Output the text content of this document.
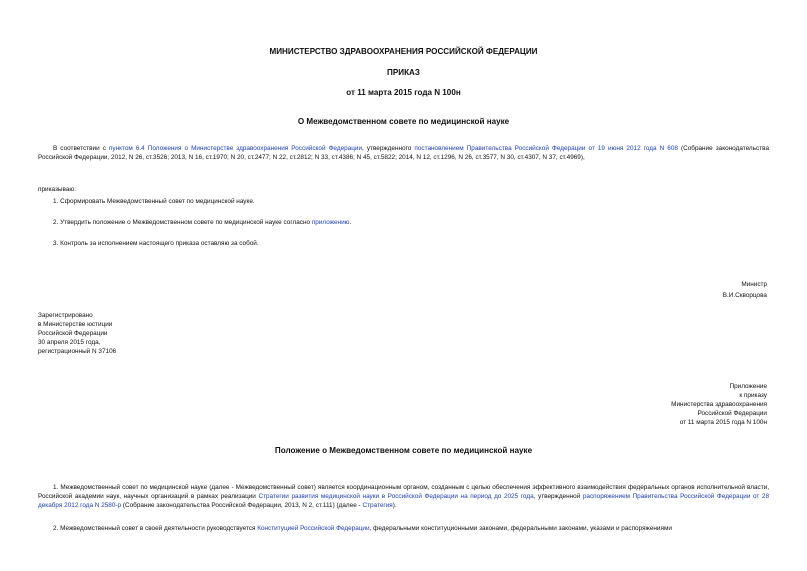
МИНИСТЕРСТВО ЗДРАВООХРАНЕНИЯ РОССИЙСКОЙ ФЕДЕРАЦИИ
ПРИКАЗ
от 11 марта 2015 года N 100н
О Межведомственном совете по медицинской науке

В соответствии с пунктом 6.4 Положения о Министерстве здравоохранения Российской Федерации, утвержденного постановлением Правительства Российской Федерации от 19 июня 2012 года N 608 (Собрание законодательства Российской Федерации, 2012, N 26, ст.3526; 2013, N 16, ст.1970; N 20, ст.2477; N 22, ст.2812; N 33, ст.4386; N 45, ст.5822; 2014, N 12, ст.1296, N 26, ст.3577, N 30, ст.4307, N 37, ст.4969),

приказываю:
1. Сформировать Межведомственный совет по медицинской науке.
2. Утвердить положение о Межведомственном совете по медицинской науке согласно приложению.
3. Контроль за исполнением настоящего приказа оставляю за собой.
Министр
В.И.Скворцова
Зарегистрировано
в Министерстве юстиции
Российской Федерации
30 апреля 2015 года,
регистрационный N 37106
Приложение
к приказу
Министерства здравоохранения
Российской Федерации
от 11 марта 2015 года N 100н
Положение о Межведомственном совете по медицинской науке

1. Межведомственный совет по медицинской науке (далее - Межведомственный совет) является координационным органом, созданным с целью обеспечения эффективного взаимодействия федеральных органов исполнительной власти, Российской академии наук, научных организаций в рамках реализации Стратегии развития медицинской науки в Российской Федерации на период до 2025 года, утвержденной распоряжением Правительства Российской Федерации от 28 декабря 2012 года N 2580-р (Собрание законодательства Российской Федерации, 2013, N 2, ст.111) (далее - Стратегия).

2. Межведомственный совет в своей деятельности руководствуется Конституцией Российской Федерации, федеральными конституционными законами, федеральными законами, указами и распоряжениями
